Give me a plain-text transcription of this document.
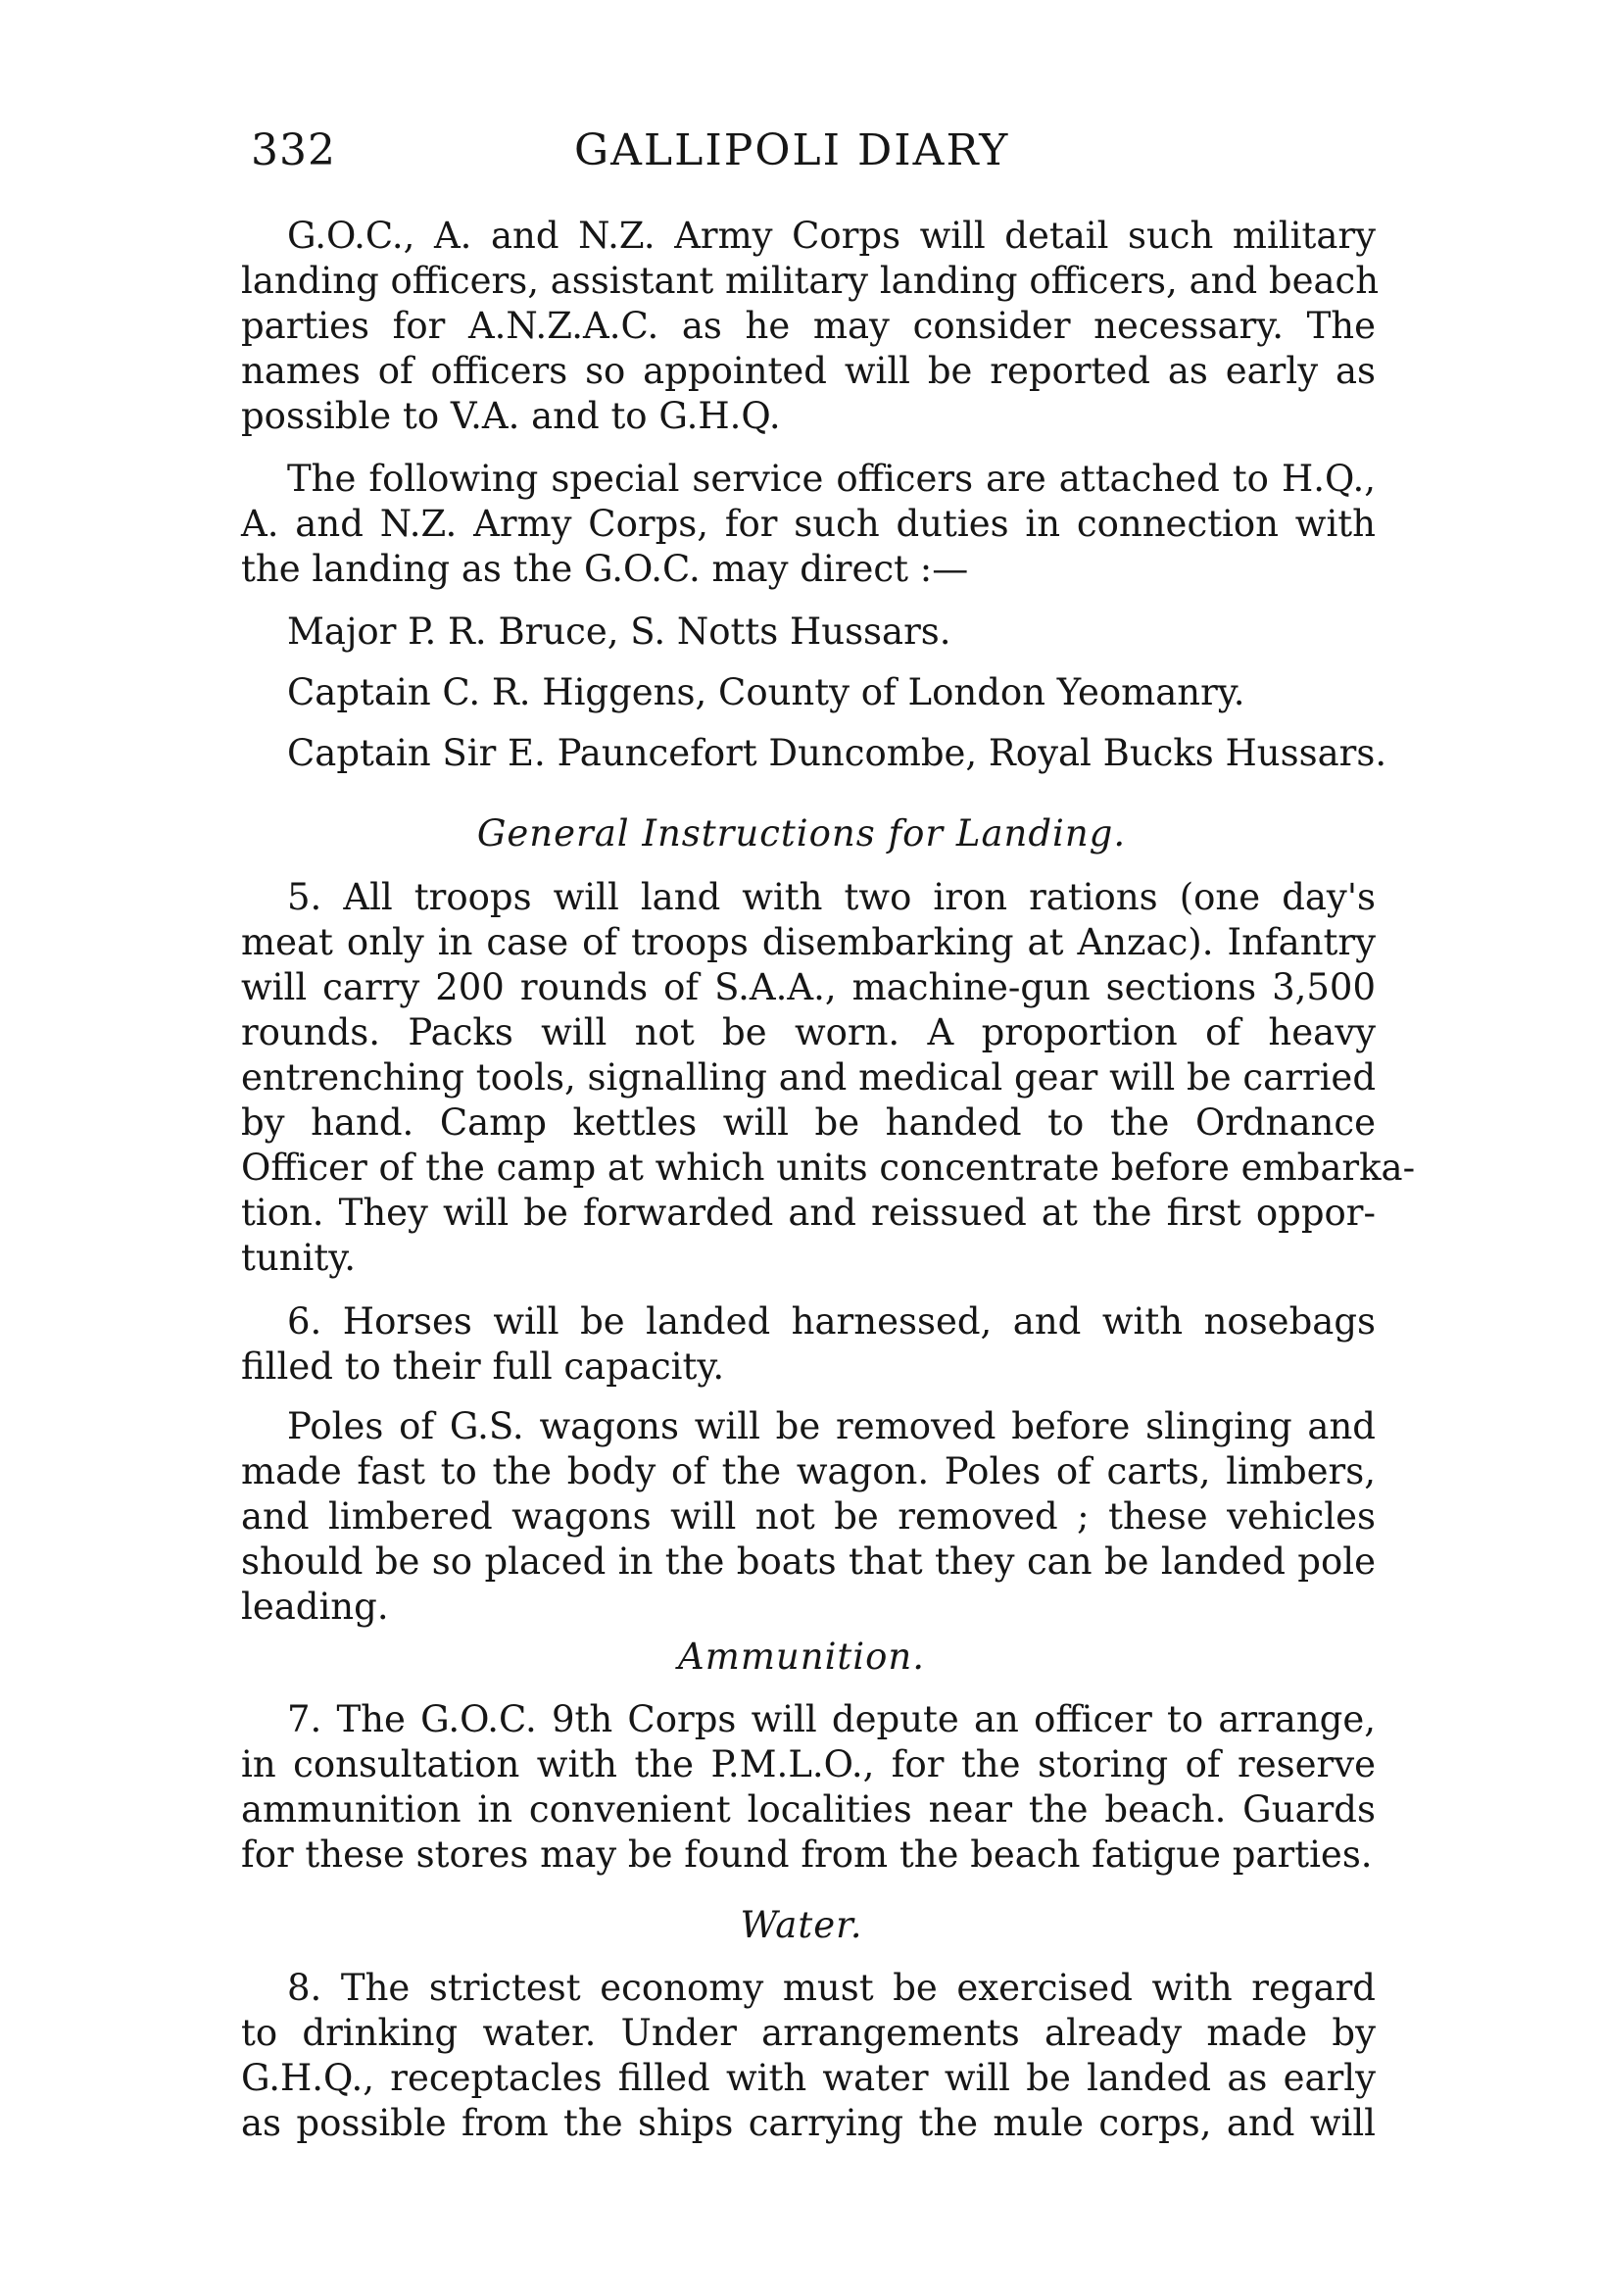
332	GALLIPOLI DIARY
G.O.C., A. and N.Z. Army Corps will detail such military
landing officers, assistant military landing officers, and beach
parties for A.N.Z.A.C. as he may consider necessary. The
names of officers so appointed will be reported as early as
possible to V.A. and to G.H.Q.
The following special service officers are attached to H.Q.,
A. and N.Z. Army Corps, for such duties in connection with
the landing as the G.O.C. may direct :—
Major P. R. Bruce, S. Notts Hussars.
Captain C. R. Higgens, County of London Yeomanry.
Captain Sir E. Pauncefort Duncombe, Royal Bucks Hussars.
General Instructions for Landing.
5. All troops will land with two iron rations (one day's
meat only in case of troops disembarking at Anzac). Infantry
will carry 200 rounds of S.A.A., machine-gun sections 3,500
rounds. Packs will not be worn. A proportion of heavy
entrenching tools, signalling and medical gear will be carried
by hand. Camp kettles will be handed to the Ordnance
Officer of the camp at which units concentrate before embarka-
tion. They will be forwarded and reissued at the first oppor-
tunity.
6. Horses will be landed harnessed, and with nosebags
filled to their full capacity.
Poles of G.S. wagons will be removed before slinging and
made fast to the body of the wagon. Poles of carts, limbers,
and limbered wagons will not be removed ; these vehicles
should be so placed in the boats that they can be landed pole
leading.
Ammunition.
7. The G.O.C. 9th Corps will depute an officer to arrange,
in consultation with the P.M.L.O., for the storing of reserve
ammunition in convenient localities near the beach. Guards
for these stores may be found from the beach fatigue parties.
Water.
8. The strictest economy must be exercised with regard
to drinking water. Under arrangements already made by
G.H.Q., receptacles filled with water will be landed as early
as possible from the ships carrying the mule corps, and will
